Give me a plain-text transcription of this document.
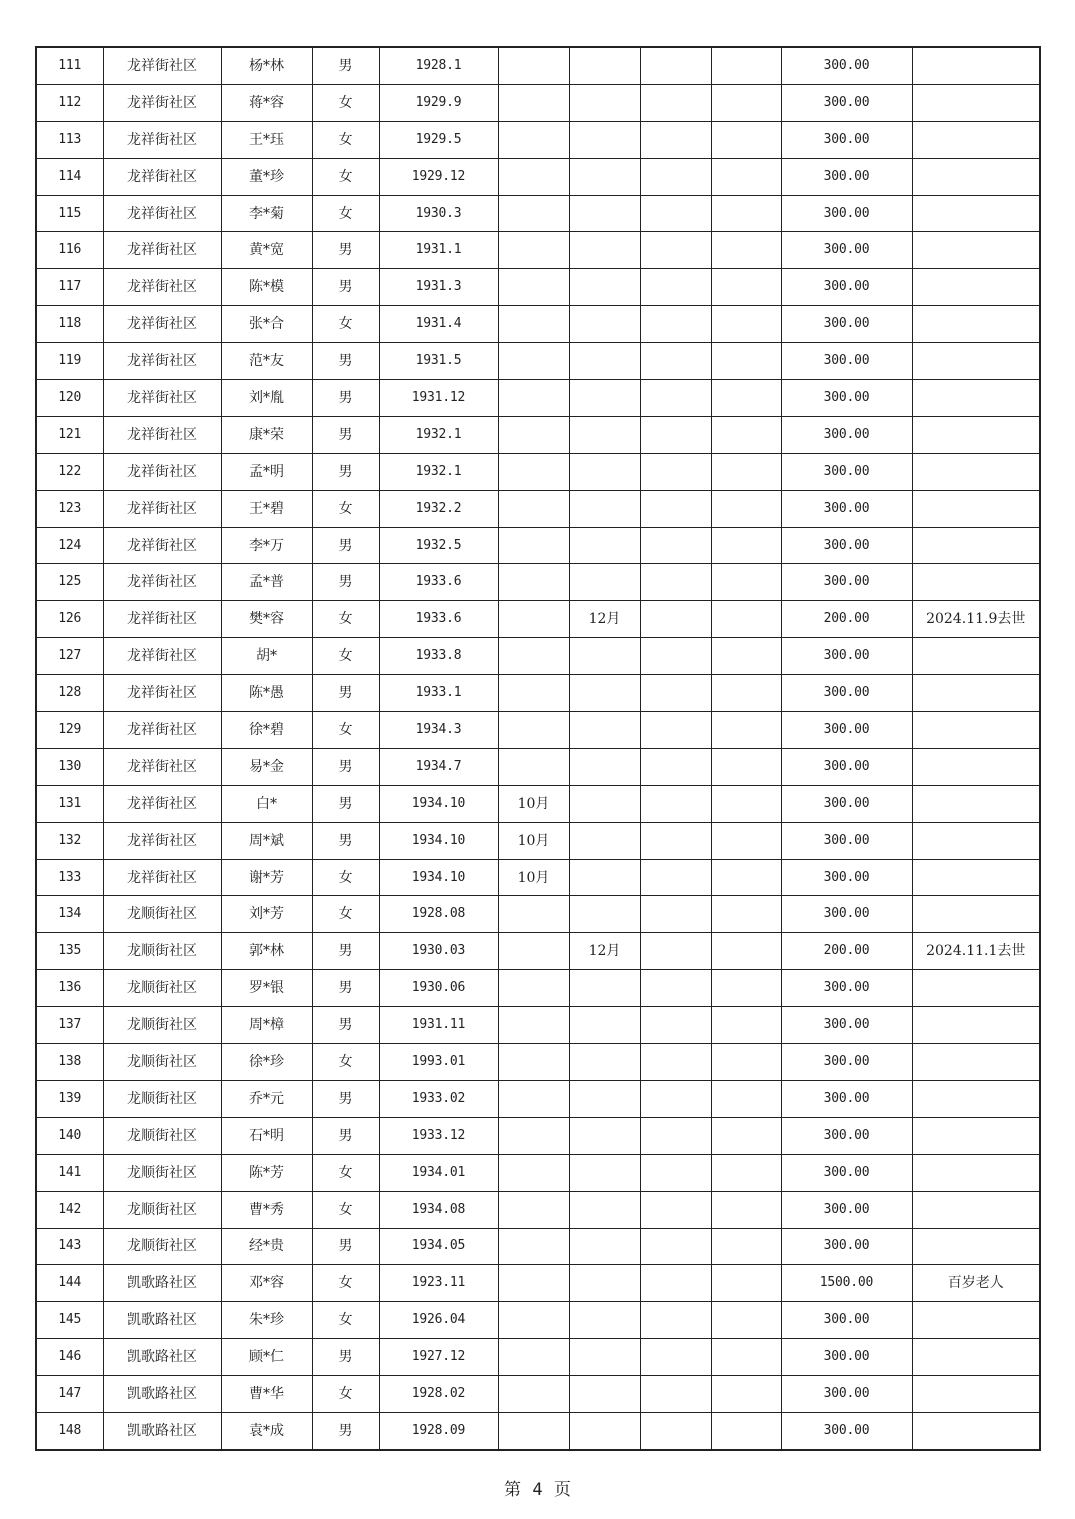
111	龙祥街社区	杨*林	男	1928.1					300.00	
112	龙祥街社区	蒋*容	女	1929.9					300.00	
113	龙祥街社区	王*珏	女	1929.5					300.00	
114	龙祥街社区	董*珍	女	1929.12					300.00	
115	龙祥街社区	李*菊	女	1930.3					300.00	
116	龙祥街社区	黄*宽	男	1931.1					300.00	
117	龙祥街社区	陈*模	男	1931.3					300.00	
118	龙祥街社区	张*合	女	1931.4					300.00	
119	龙祥街社区	范*友	男	1931.5					300.00	
120	龙祥街社区	刘*胤	男	1931.12					300.00	
121	龙祥街社区	康*荣	男	1932.1					300.00	
122	龙祥街社区	孟*明	男	1932.1					300.00	
123	龙祥街社区	王*碧	女	1932.2					300.00	
124	龙祥街社区	李*万	男	1932.5					300.00	
125	龙祥街社区	孟*普	男	1933.6					300.00	
126	龙祥街社区	樊*容	女	1933.6		12月			200.00	2024.11.9去世
127	龙祥街社区	胡*	女	1933.8					300.00	
128	龙祥街社区	陈*愚	男	1933.1					300.00	
129	龙祥街社区	徐*碧	女	1934.3					300.00	
130	龙祥街社区	易*金	男	1934.7					300.00	
131	龙祥街社区	白*	男	1934.10	10月				300.00	
132	龙祥街社区	周*斌	男	1934.10	10月				300.00	
133	龙祥街社区	谢*芳	女	1934.10	10月				300.00	
134	龙顺街社区	刘*芳	女	1928.08					300.00	
135	龙顺街社区	郭*林	男	1930.03		12月			200.00	2024.11.1去世
136	龙顺街社区	罗*银	男	1930.06					300.00	
137	龙顺街社区	周*樟	男	1931.11					300.00	
138	龙顺街社区	徐*珍	女	1993.01					300.00	
139	龙顺街社区	乔*元	男	1933.02					300.00	
140	龙顺街社区	石*明	男	1933.12					300.00	
141	龙顺街社区	陈*芳	女	1934.01					300.00	
142	龙顺街社区	曹*秀	女	1934.08					300.00	
143	龙顺街社区	经*贵	男	1934.05					300.00	
144	凯歌路社区	邓*容	女	1923.11					1500.00	百岁老人
145	凯歌路社区	朱*珍	女	1926.04					300.00	
146	凯歌路社区	顾*仁	男	1927.12					300.00	
147	凯歌路社区	曹*华	女	1928.02					300.00	
148	凯歌路社区	袁*成	男	1928.09					300.00	
第 4 页
